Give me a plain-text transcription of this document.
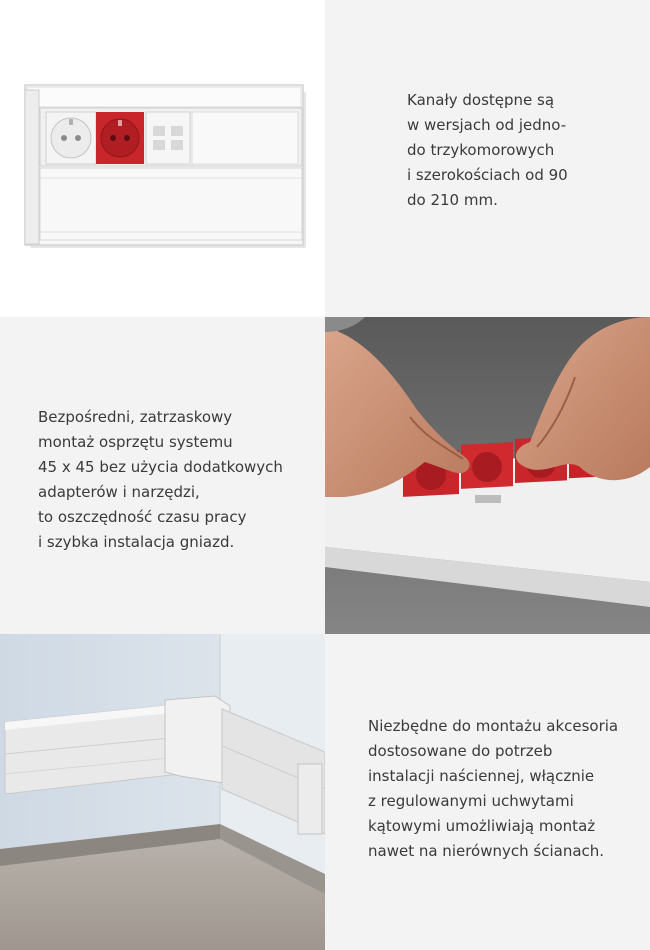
Kanały dostępne są
w wersjach od jedno-
do trzykomorowych
i szerokościach od 90
do 210 mm.

Bezpośredni, zatrzaskowy
montaż osprzętu systemu
45 x 45 bez użycia dodatkowych
adapterów i narzędzi,
to oszczędność czasu pracy
i szybka instalacja gniazd.

Niezbędne do montażu akcesoria
dostosowane do potrzeb
instalacji naściennej, włącznie
z regulowanymi uchwytami
kątowymi umożliwiają montaż
nawet na nierównych ścianach.
